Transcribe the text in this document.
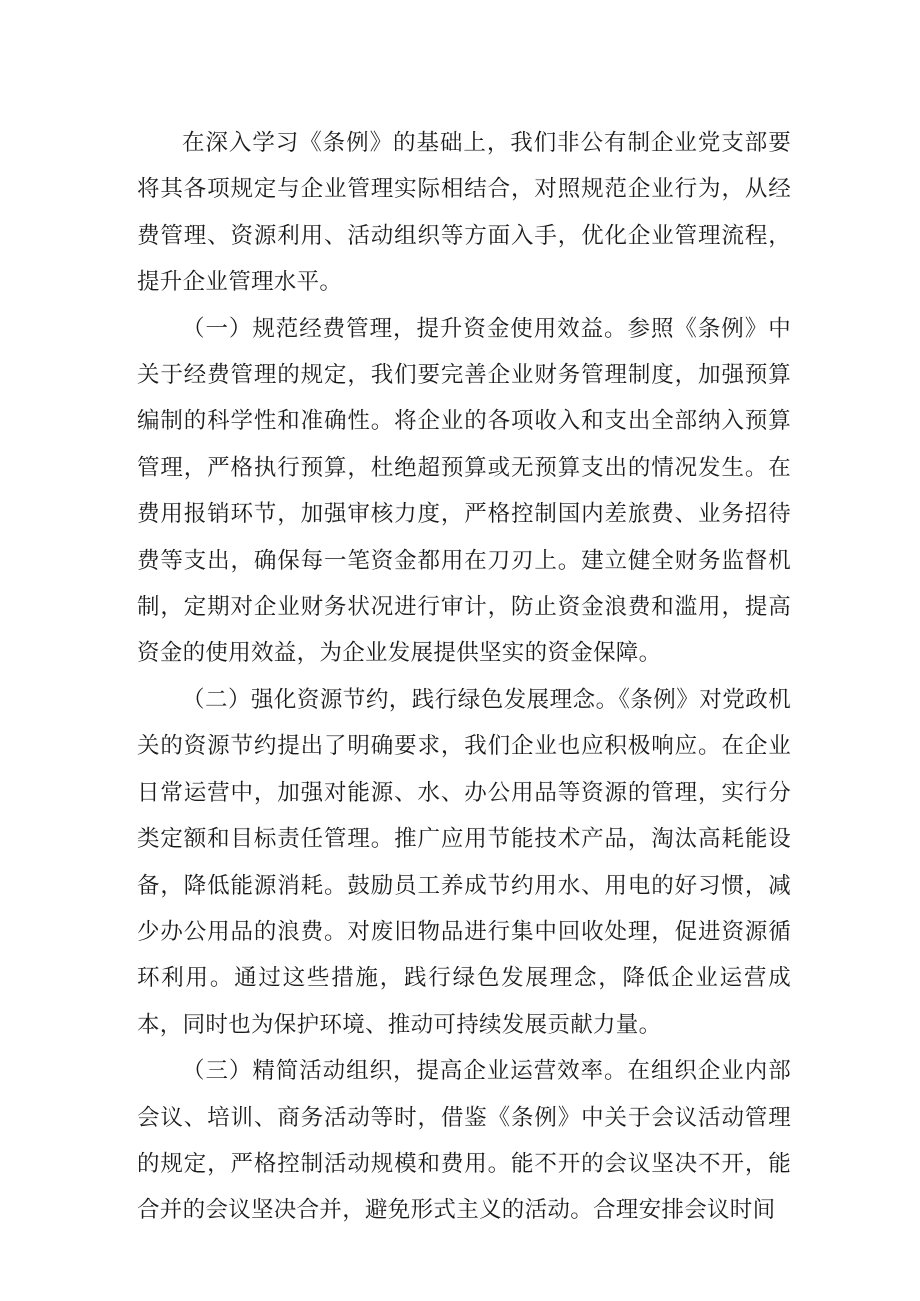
在深入学习《条例》的基础上，我们非公有制企业党支部要将其各项规定与企业管理实际相结合，对照规范企业行为，从经费管理、资源利用、活动组织等方面入手，优化企业管理流程，提升企业管理水平。

（一）规范经费管理，提升资金使用效益。参照《条例》中关于经费管理的规定，我们要完善企业财务管理制度，加强预算编制的科学性和准确性。将企业的各项收入和支出全部纳入预算管理，严格执行预算，杜绝超预算或无预算支出的情况发生。在费用报销环节，加强审核力度，严格控制国内差旅费、业务招待费等支出，确保每一笔资金都用在刀刃上。建立健全财务监督机制，定期对企业财务状况进行审计，防止资金浪费和滥用，提高资金的使用效益，为企业发展提供坚实的资金保障。

（二）强化资源节约，践行绿色发展理念。《条例》对党政机关的资源节约提出了明确要求，我们企业也应积极响应。在企业日常运营中，加强对能源、水、办公用品等资源的管理，实行分类定额和目标责任管理。推广应用节能技术产品，淘汰高耗能设备，降低能源消耗。鼓励员工养成节约用水、用电的好习惯，减少办公用品的浪费。对废旧物品进行集中回收处理，促进资源循环利用。通过这些措施，践行绿色发展理念，降低企业运营成本，同时也为保护环境、推动可持续发展贡献力量。

（三）精简活动组织，提高企业运营效率。在组织企业内部会议、培训、商务活动等时，借鉴《条例》中关于会议活动管理的规定，严格控制活动规模和费用。能不开的会议坚决不开，能合并的会议坚决合并，避免形式主义的活动。合理安排会议时间
